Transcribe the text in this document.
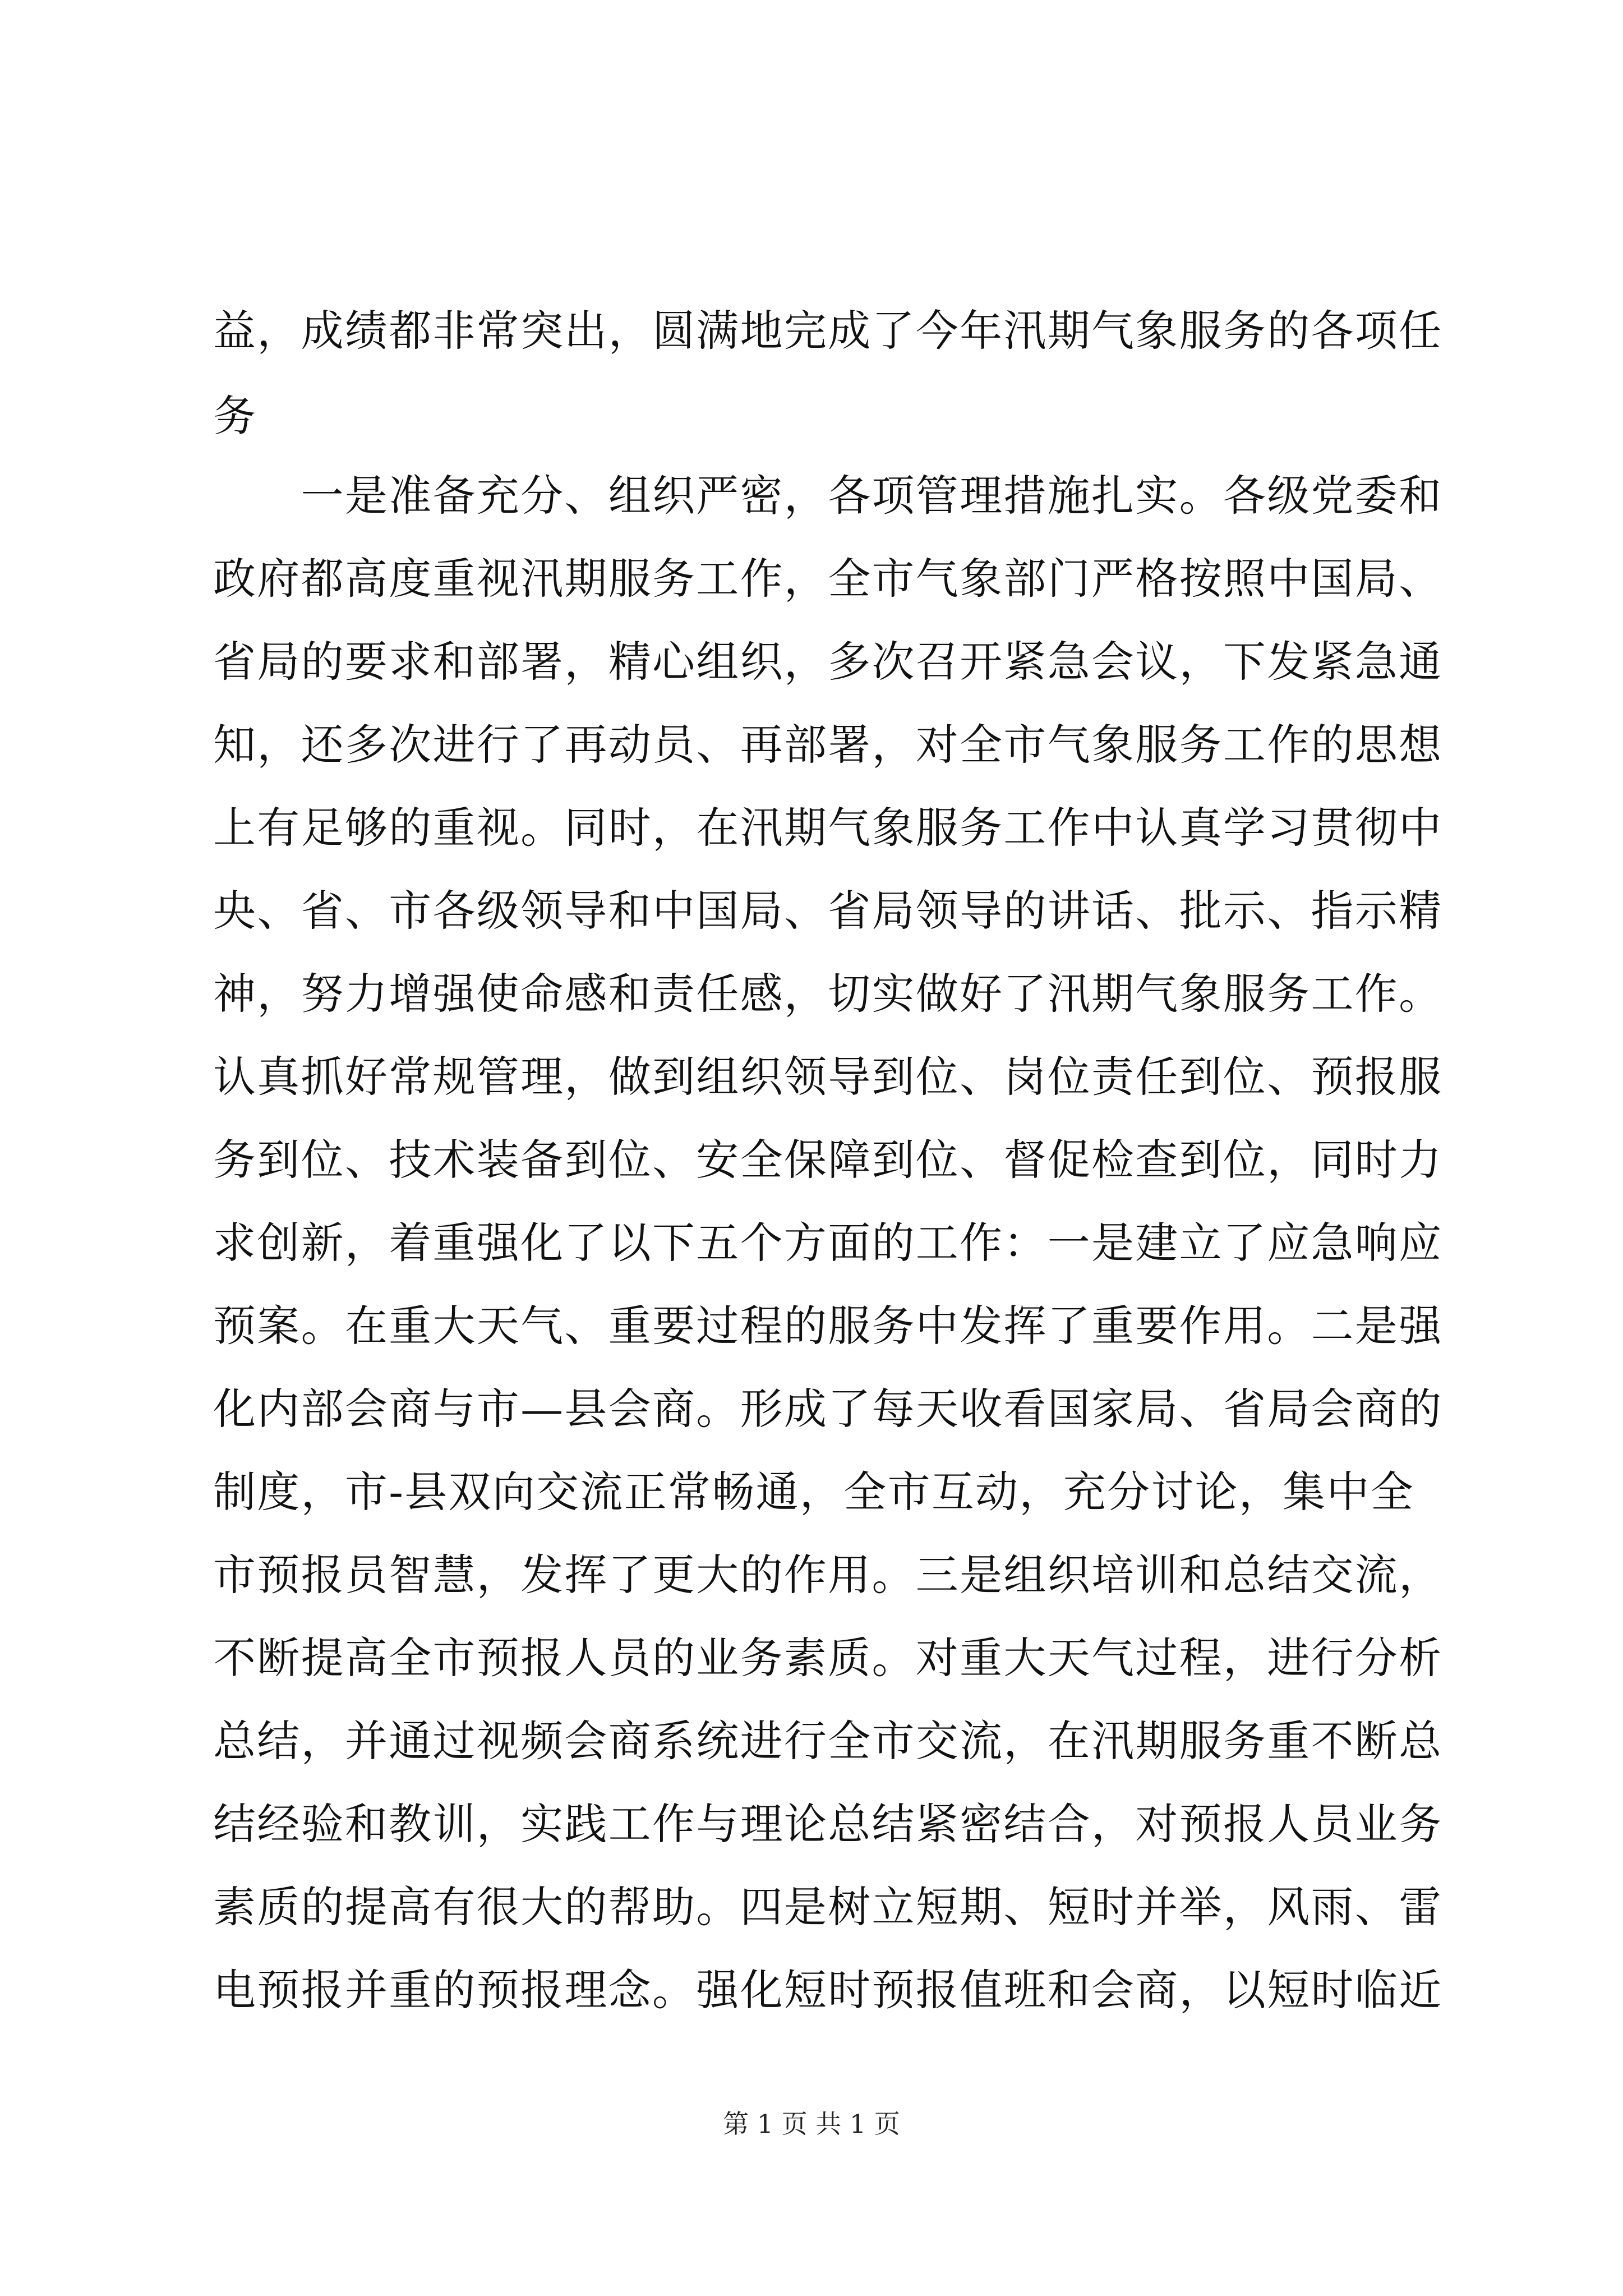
益，成绩都非常突出，圆满地完成了今年汛期气象服务的各项任
务
　　一是准备充分、组织严密，各项管理措施扎实。各级党委和
政府都高度重视汛期服务工作，全市气象部门严格按照中国局、
省局的要求和部署，精心组织，多次召开紧急会议，下发紧急通
知，还多次进行了再动员、再部署，对全市气象服务工作的思想
上有足够的重视。同时，在汛期气象服务工作中认真学习贯彻中
央、省、市各级领导和中国局、省局领导的讲话、批示、指示精
神，努力增强使命感和责任感，切实做好了汛期气象服务工作。
认真抓好常规管理，做到组织领导到位、岗位责任到位、预报服
务到位、技术装备到位、安全保障到位、督促检查到位，同时力
求创新，着重强化了以下五个方面的工作：一是建立了应急响应
预案。在重大天气、重要过程的服务中发挥了重要作用。二是强
化内部会商与市—县会商。形成了每天收看国家局、省局会商的
制度，市-县双向交流正常畅通，全市互动，充分讨论，集中全
市预报员智慧，发挥了更大的作用。三是组织培训和总结交流，
不断提高全市预报人员的业务素质。对重大天气过程，进行分析
总结，并通过视频会商系统进行全市交流，在汛期服务重不断总
结经验和教训，实践工作与理论总结紧密结合，对预报人员业务
素质的提高有很大的帮助。四是树立短期、短时并举，风雨、雷
电预报并重的预报理念。强化短时预报值班和会商，以短时临近
第 1 页 共 1 页
